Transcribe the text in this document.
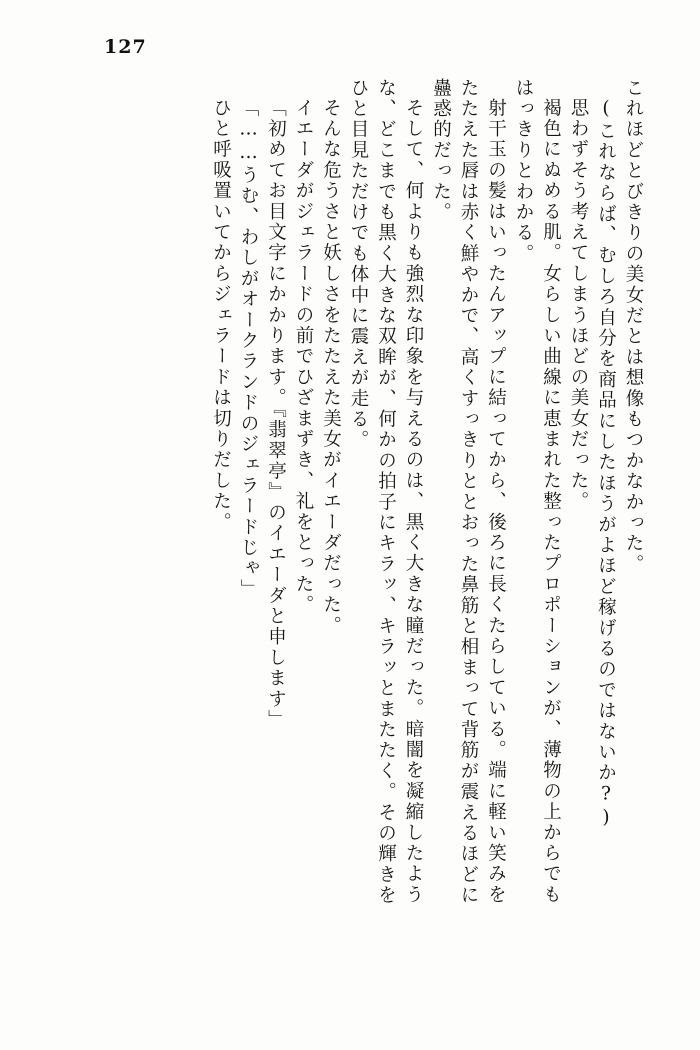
127
これほどとびきりの美女だとは想像もつかなかった。
(これならば、むしろ自分を商品にしたほうがよほど稼げるのではないか?)
思わずそう考えてしまうほどの美女だった。
褐色にぬめる肌。女らしい曲線に恵まれた整ったプロポーションが、薄物の上からでも
はっきりとわかる。
射干玉の髪はいったんアップに結ってから、後ろに長くたらしている。端に軽い笑みを
たたえた唇は赤く鮮やかで、高くすっきりととおった鼻筋と相まって背筋が震えるほどに
蠱惑的だった。
そして、何よりも強烈な印象を与えるのは、黒く大きな瞳だった。暗闇を凝縮したよう
な、どこまでも黒く大きな双眸が、何かの拍子にキラッ、キラッとまたたく。その輝きを
ひと目見ただけでも体中に震えが走る。
そんな危うさと妖しさをたたえた美女がイエーダだった。
イエーダがジェラードの前でひざまずき、礼をとった。
「初めてお目文字にかかります。『翡翠亭』のイエーダと申します」
「……うむ、わしがオークランドのジェラードじゃ」
ひと呼吸置いてからジェラードは切りだした。
